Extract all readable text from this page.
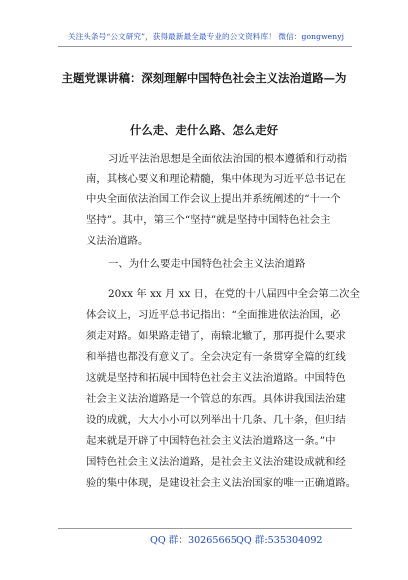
关注头条号“公文研究”，获得最新最全最专业的公文资料库！ 微信：gongwenyj
主题党课讲稿：深刻理解中国特色社会主义法治道路—为
什么走、走什么路、怎么走好
习近平法治思想是全面依法治国的根本遵循和行动指
南，其核心要义和理论精髓，集中体现为习近平总书记在
中央全面依法治国工作会议上提出并系统阐述的“十一个
坚持”。其中，第三个“坚持”就是坚持中国特色社会主
义法治道路。
一、为什么要走中国特色社会主义法治道路
20xx 年 xx 月 xx 日，在党的十八届四中全会第二次全
体会议上，习近平总书记指出：“全面推进依法治国，必
须走对路。如果路走错了，南辕北辙了，那再提什么要求
和举措也都没有意义了。全会决定有一条贯穿全篇的红线
这就是坚持和拓展中国特色社会主义法治道路。中国特色
社会主义法治道路是一个管总的东西。具体讲我国法治建
设的成就，大大小小可以列举出十几条、几十条，但归结
起来就是开辟了中国特色社会主义法治道路这一条。”中
国特色社会主义法治道路，是社会主义法治建设成就和经
验的集中体现，是建设社会主义法治国家的唯一正确道路。
QQ 群：30265665 QQ 群:535304092
